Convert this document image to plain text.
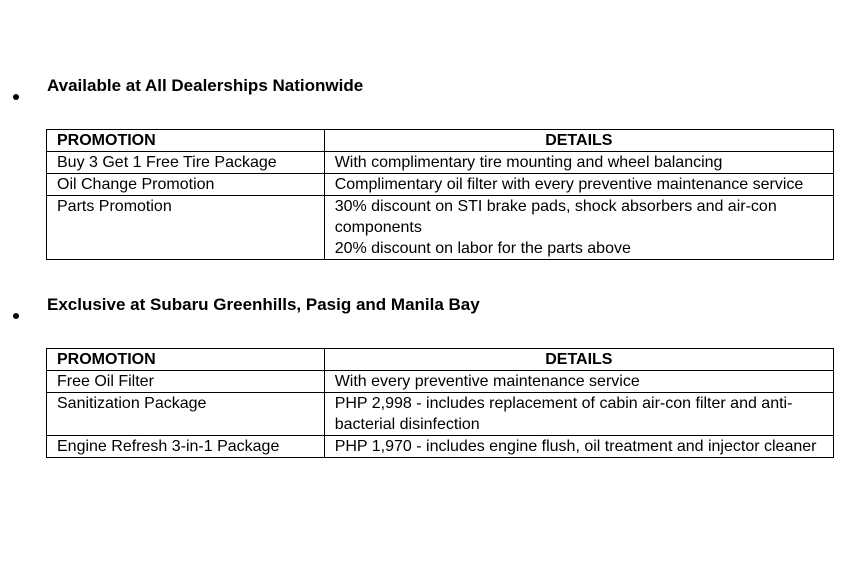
Available at All Dealerships Nationwide
PROMOTION	DETAILS
Buy 3 Get 1 Free Tire Package	With complimentary tire mounting and wheel balancing

Oil Change Promotion	Complimentary oil filter with every preventive maintenance service

Parts Promotion	30% discount on STI brake pads, shock absorbers and air-con components
20% discount on labor for the parts above
Exclusive at Subaru Greenhills, Pasig and Manila Bay
PROMOTION	DETAILS
Free Oil Filter	With every preventive maintenance service

Sanitization Package	PHP 2,998 - includes replacement of cabin air-con filter and anti-bacterial disinfection

Engine Refresh 3-in-1 Package	PHP 1,970 - includes engine flush, oil treatment and injector cleaner
